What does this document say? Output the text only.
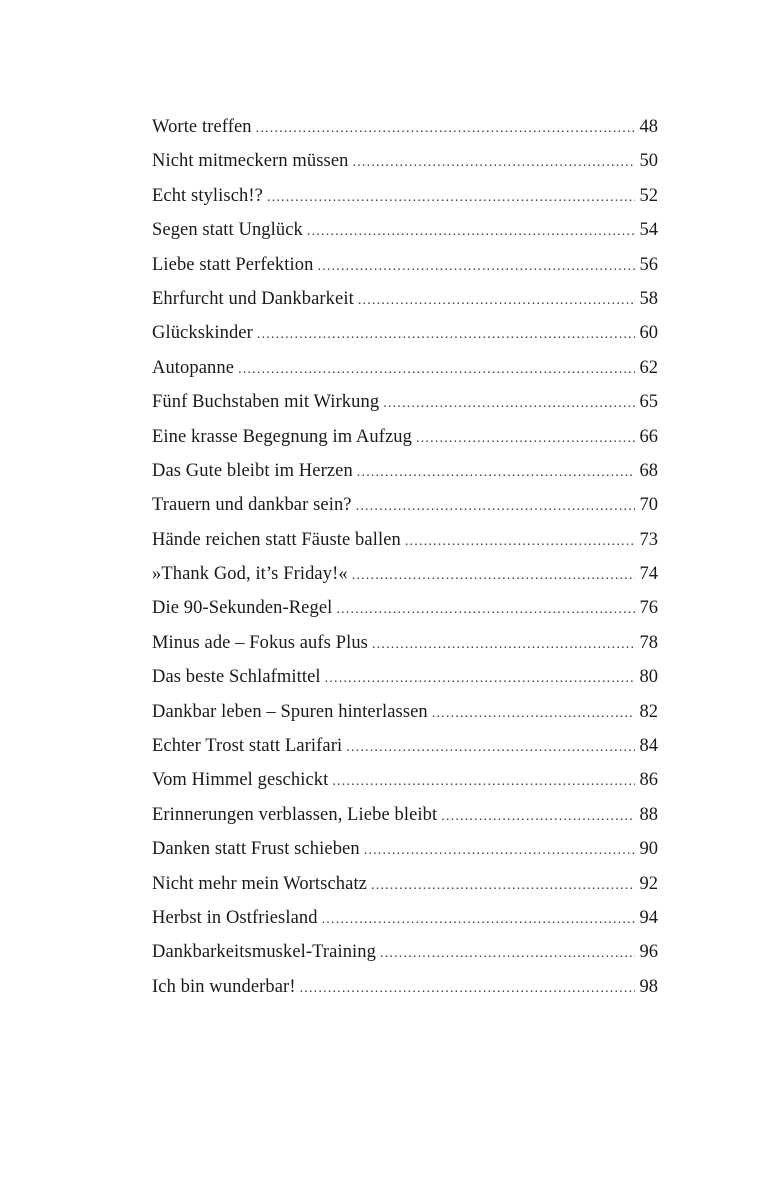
Worte treffen .....	48
Nicht mitmeckern müssen .....	50
Echt stylisch!? .....	52
Segen statt Unglück .....	54
Liebe statt Perfektion .....	56
Ehrfurcht und Dankbarkeit .....	58
Glückskinder .....	60
Autopanne .....	62
Fünf Buchstaben mit Wirkung .....	65
Eine krasse Begegnung im Aufzug .....	66
Das Gute bleibt im Herzen .....	68
Trauern und dankbar sein? .....	70
Hände reichen statt Fäuste ballen .....	73
»Thank God, it’s Friday!« .....	74
Die 90-Sekunden-Regel .....	76
Minus ade – Fokus aufs Plus .....	78
Das beste Schlafmittel .....	80
Dankbar leben – Spuren hinterlassen .....	82
Echter Trost statt Larifari .....	84
Vom Himmel geschickt .....	86
Erinnerungen verblassen, Liebe bleibt .....	88
Danken statt Frust schieben .....	90
Nicht mehr mein Wortschatz .....	92
Herbst in Ostfriesland .....	94
Dankbarkeitsmuskel-Training .....	96
Ich bin wunderbar! .....	98
